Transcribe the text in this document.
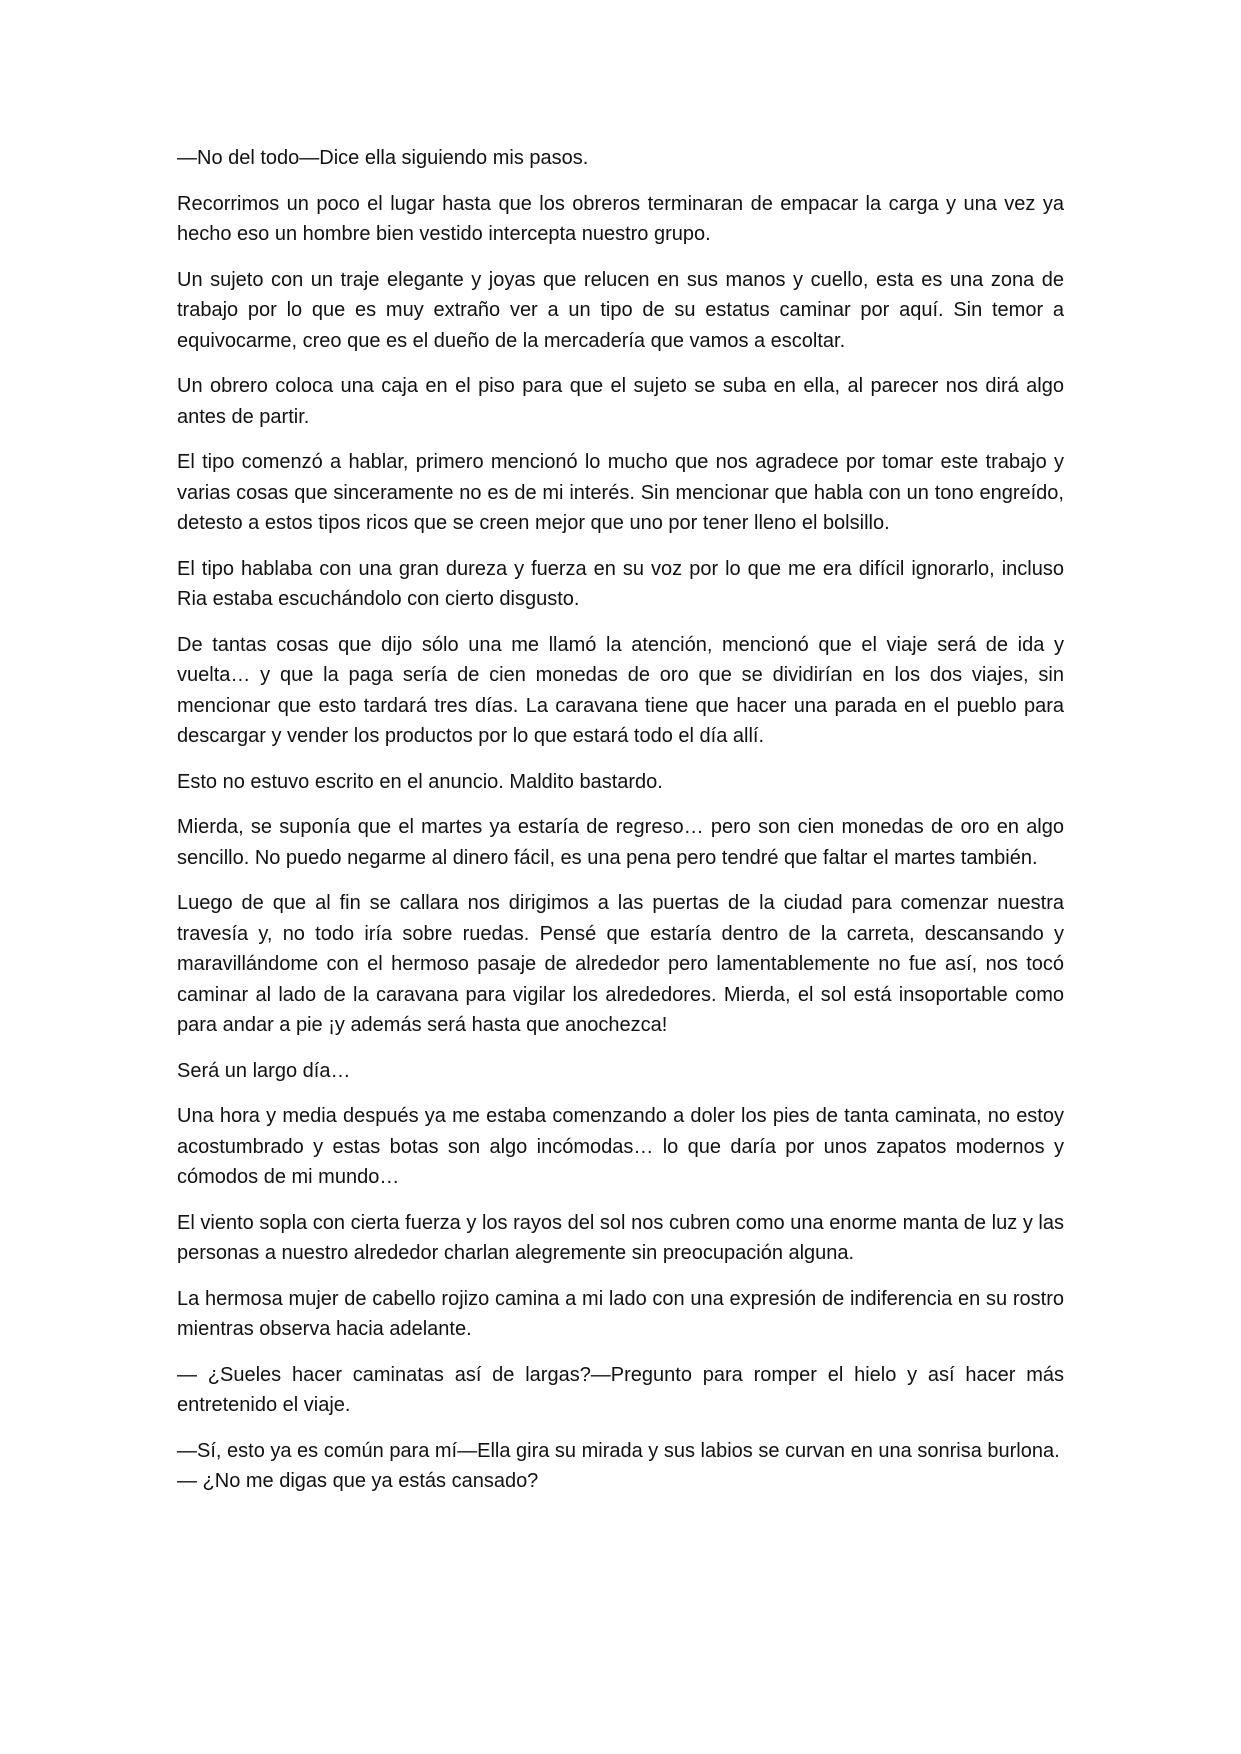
—No del todo—Dice ella siguiendo mis pasos.

Recorrimos un poco el lugar hasta que los obreros terminaran de empacar la carga y una vez ya hecho eso un hombre bien vestido intercepta nuestro grupo.

Un sujeto con un traje elegante y joyas que relucen en sus manos y cuello, esta es una zona de trabajo por lo que es muy extraño ver a un tipo de su estatus caminar por aquí. Sin temor a equivocarme, creo que es el dueño de la mercadería que vamos a escoltar.

Un obrero coloca una caja en el piso para que el sujeto se suba en ella, al parecer nos dirá algo antes de partir.

El tipo comenzó a hablar, primero mencionó lo mucho que nos agradece por tomar este trabajo y varias cosas que sinceramente no es de mi interés. Sin mencionar que habla con un tono engreído, detesto a estos tipos ricos que se creen mejor que uno por tener lleno el bolsillo.

El tipo hablaba con una gran dureza y fuerza en su voz por lo que me era difícil ignorarlo, incluso Ria estaba escuchándolo con cierto disgusto.

De tantas cosas que dijo sólo una me llamó la atención, mencionó que el viaje será de ida y vuelta… y que la paga sería de cien monedas de oro que se dividirían en los dos viajes, sin mencionar que esto tardará tres días. La caravana tiene que hacer una parada en el pueblo para descargar y vender los productos por lo que estará todo el día allí.

Esto no estuvo escrito en el anuncio. Maldito bastardo.

Mierda, se suponía que el martes ya estaría de regreso… pero son cien monedas de oro en algo sencillo. No puedo negarme al dinero fácil, es una pena pero tendré que faltar el martes también.

Luego de que al fin se callara nos dirigimos a las puertas de la ciudad para comenzar nuestra travesía y, no todo iría sobre ruedas. Pensé que estaría dentro de la carreta, descansando y maravillándome con el hermoso pasaje de alrededor pero lamentablemente no fue así, nos tocó caminar al lado de la caravana para vigilar los alrededores. Mierda, el sol está insoportable como para andar a pie ¡y además será hasta que anochezca!

Será un largo día…

Una hora y media después ya me estaba comenzando a doler los pies de tanta caminata, no estoy acostumbrado y estas botas son algo incómodas… lo que daría por unos zapatos modernos y cómodos de mi mundo…

El viento sopla con cierta fuerza y los rayos del sol nos cubren como una enorme manta de luz y las personas a nuestro alrededor charlan alegremente sin preocupación alguna.

La hermosa mujer de cabello rojizo camina a mi lado con una expresión de indiferencia en su rostro mientras observa hacia adelante.

— ¿Sueles hacer caminatas así de largas?—Pregunto para romper el hielo y así hacer más entretenido el viaje.

—Sí, esto ya es común para mí—Ella gira su mirada y sus labios se curvan en una sonrisa burlona.

— ¿No me digas que ya estás cansado?
